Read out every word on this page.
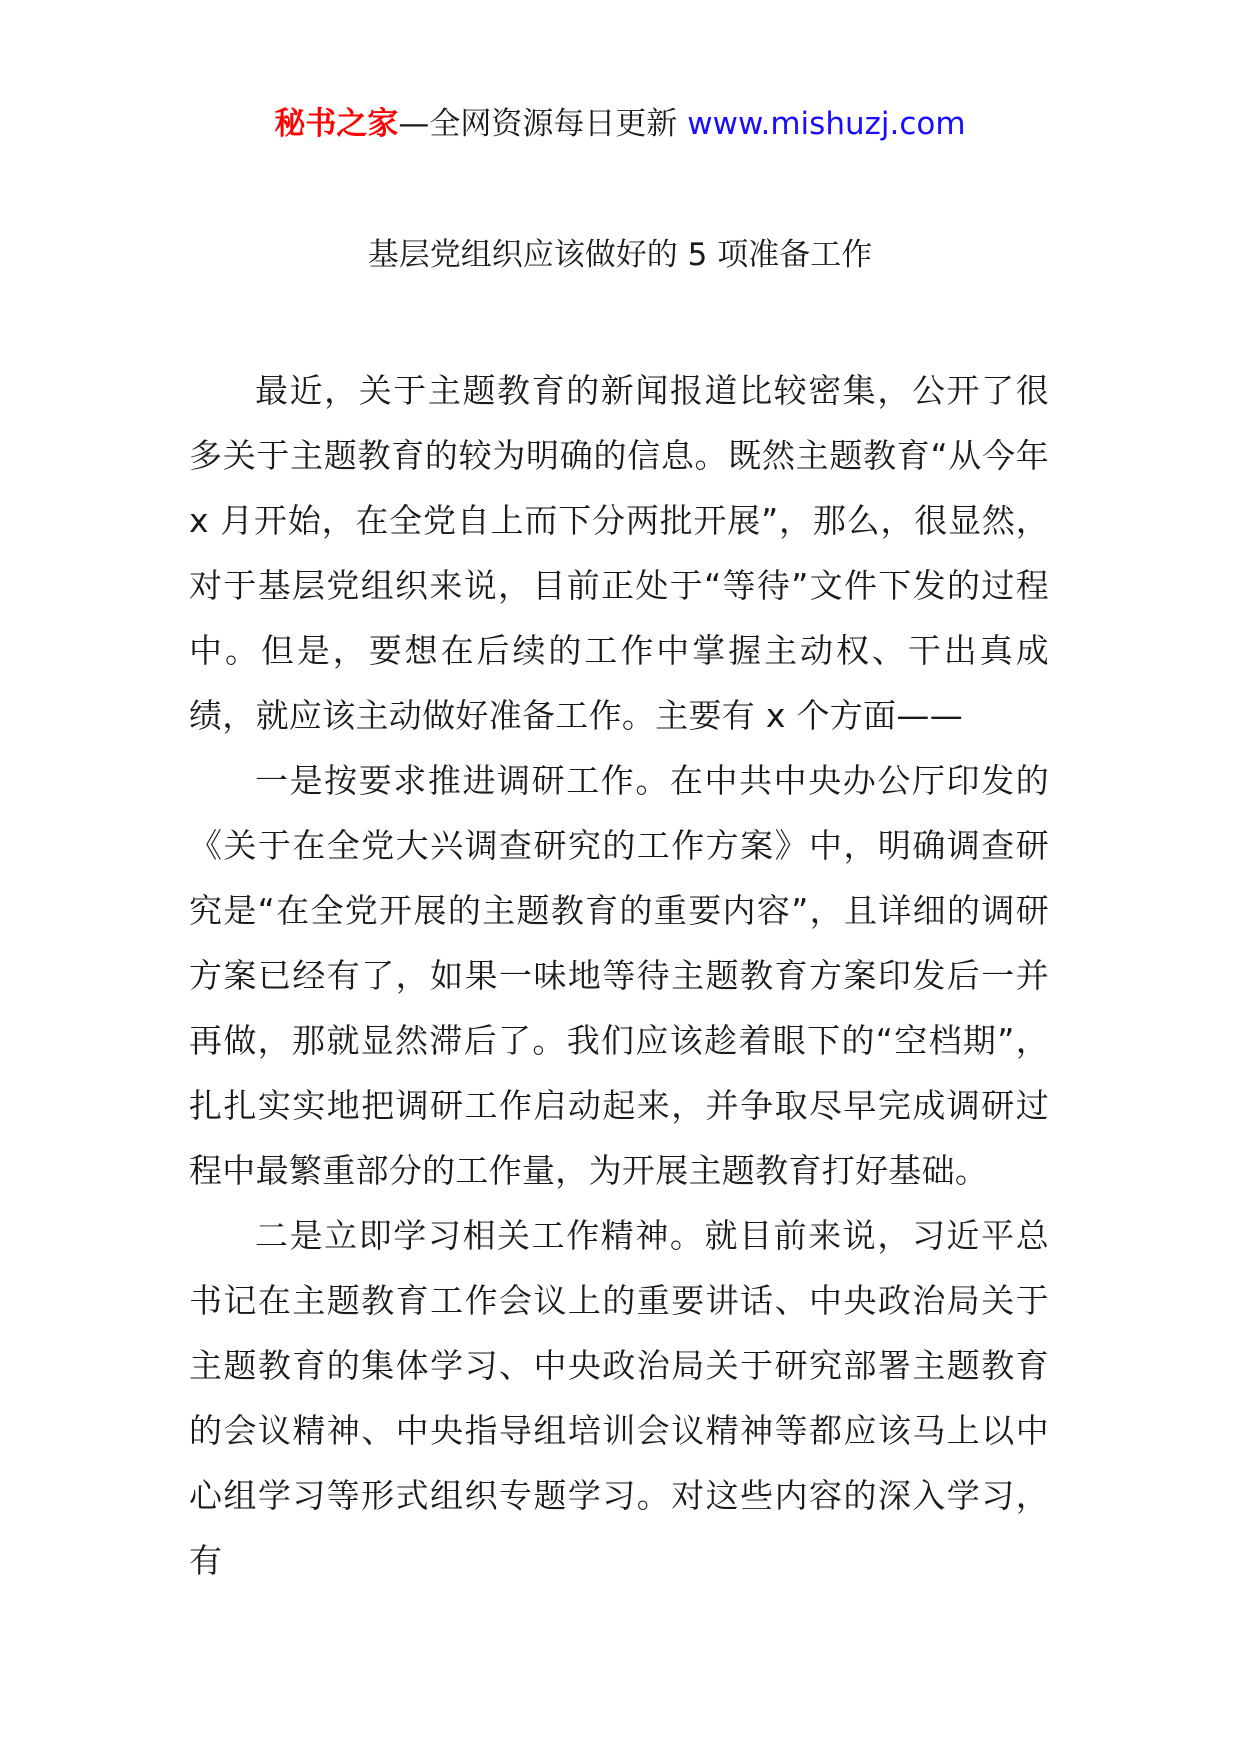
秘书之家—全网资源每日更新 www.mishuzj.com
基层党组织应该做好的 5 项准备工作

最近，关于主题教育的新闻报道比较密集，公开了很多关于主题教育的较为明确的信息。既然主题教育“从今年 x 月开始，在全党自上而下分两批开展”，那么，很显然，对于基层党组织来说，目前正处于“等待”文件下发的过程中。但是，要想在后续的工作中掌握主动权、干出真成绩，就应该主动做好准备工作。主要有 x 个方面——

一是按要求推进调研工作。在中共中央办公厅印发的《关于在全党大兴调查研究的工作方案》中，明确调查研究是“在全党开展的主题教育的重要内容”，且详细的调研方案已经有了，如果一味地等待主题教育方案印发后一并再做，那就显然滞后了。我们应该趁着眼下的“空档期”，扎扎实实地把调研工作启动起来，并争取尽早完成调研过程中最繁重部分的工作量，为开展主题教育打好基础。

二是立即学习相关工作精神。就目前来说，习近平总书记在主题教育工作会议上的重要讲话、中央政治局关于主题教育的集体学习、中央政治局关于研究部署主题教育的会议精神、中央指导组培训会议精神等都应该马上以中心组学习等形式组织专题学习。对这些内容的深入学习，有
